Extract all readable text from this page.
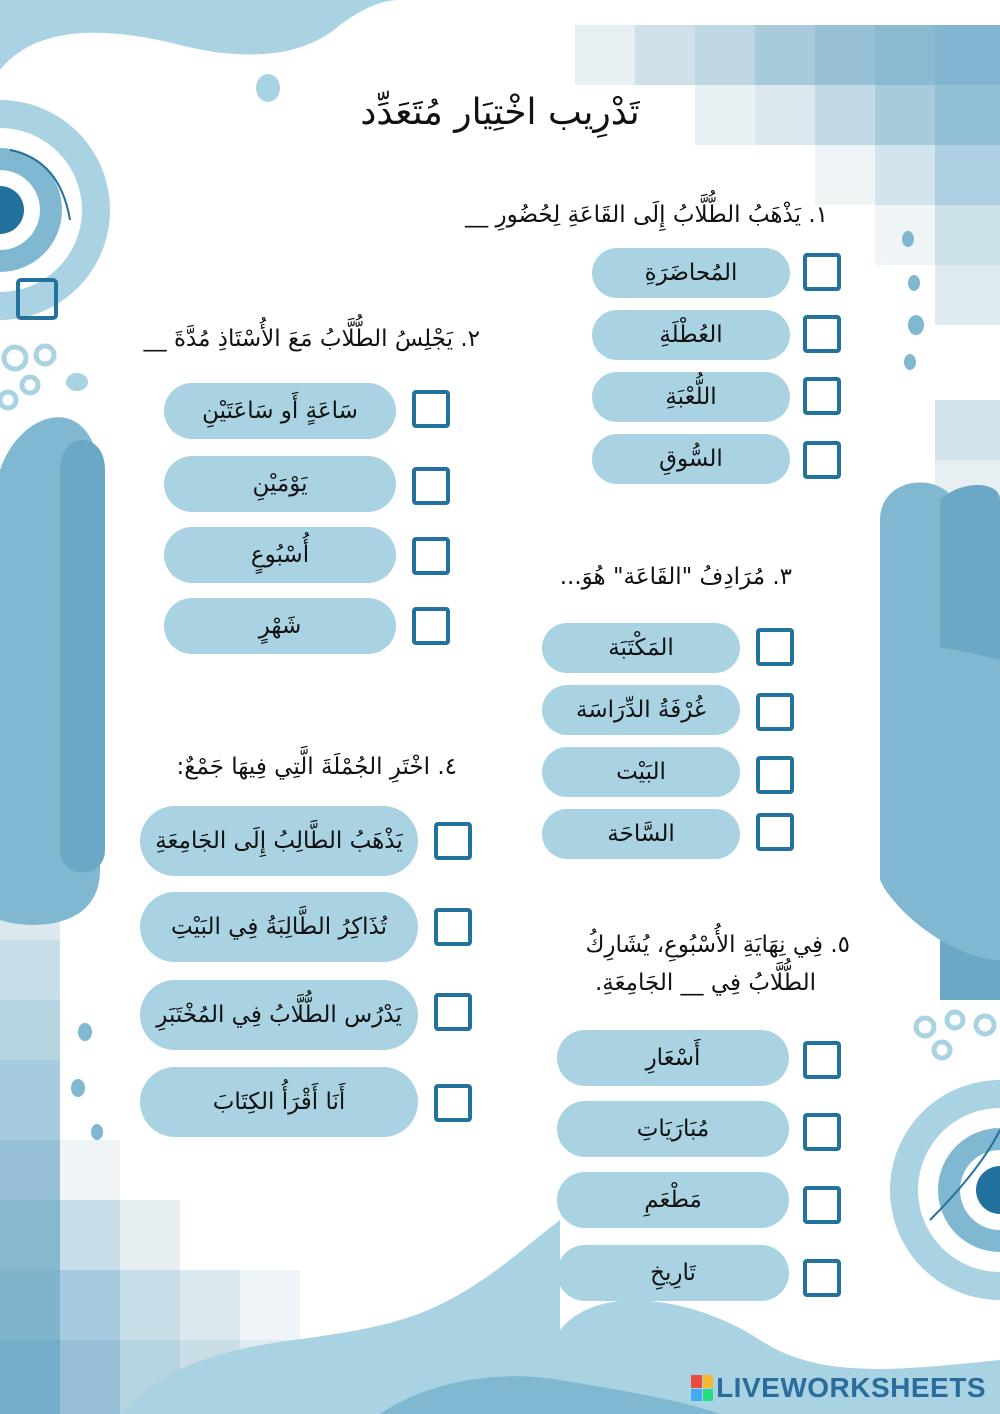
تَدْرِيب اخْتِيَار مُتَعَدِّد
١. يَذْهَبُ الطُّلَّابُ إِلَى القَاعَةِ لِحُضُورِ __
المُحاضَرَةِ
العُطْلَةِ
اللُّعْبَةِ
السُّوقِ
٢. يَجْلِسُ الطُّلَّابُ مَعَ الأُسْتَاذِ مُدَّةَ __
سَاعَةٍ أَو سَاعَتَيْنِ
يَوْمَيْنِ
أُسْبُوعٍ
شَهْرٍ
٣. مُرَادِفُ "القَاعَة" هُوَ...
المَكْتَبَة
غُرْفَةُ الدِّرَاسَة
البَيْت
السَّاحَة
٤. اخْتَرِ الجُمْلَةَ الَّتِي فِيهَا جَمْعٌ:
يَذْهَبُ الطَّالِبُ إِلَى الجَامِعَةِ
تُذَاكِرُ الطَّالِبَةُ فِي البَيْتِ
يَدْرُس الطُّلَّابُ فِي المُخْتَبَرِ
أَنَا أَقْرَأُ الكِتَابَ
٥. فِي نِهَايَةِ الأُسْبُوعِ، يُشَارِكُ
الطُّلَّابُ فِي __ الجَامِعَةِ.
أَسْعَارِ
مُبَارَيَاتِ
مَطْعَمِ
تَارِيخِ
LIVEWORKSHEETS
